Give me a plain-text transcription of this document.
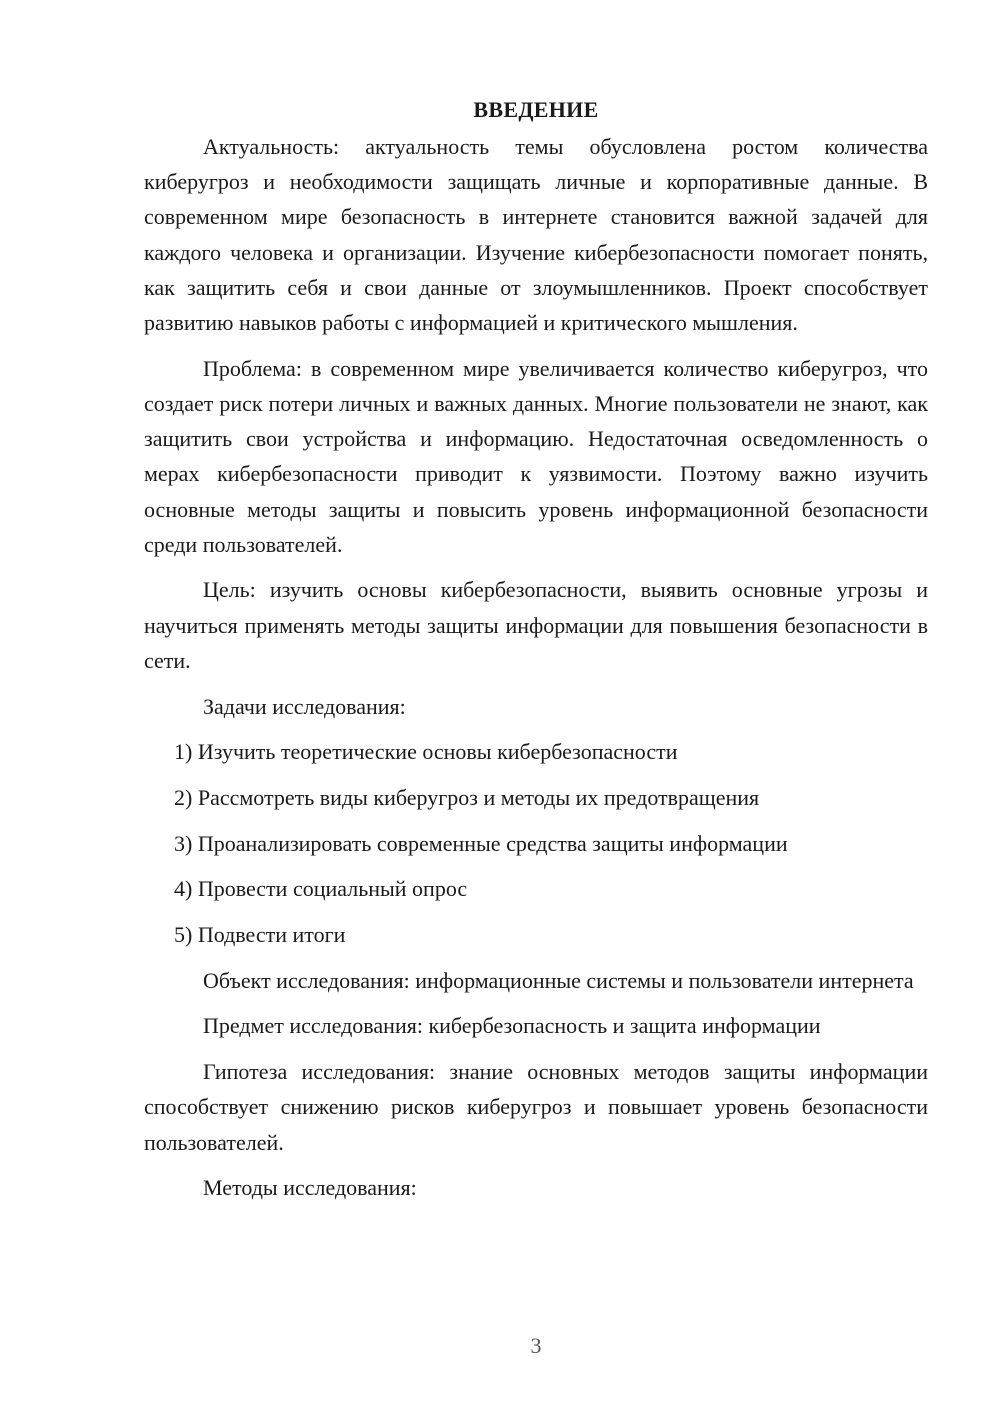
ВВЕДЕНИЕ

Актуальность: актуальность темы обусловлена ростом количества киберугроз и необходимости защищать личные и корпоративные данные. В современном мире безопасность в интернете становится важной задачей для каждого человека и организации. Изучение кибербезопасности помогает понять, как защитить себя и свои данные от злоумышленников. Проект способствует развитию навыков работы с информацией и критического мышления.

Проблема: в современном мире увеличивается количество киберугроз, что создает риск потери личных и важных данных. Многие пользователи не знают, как защитить свои устройства и информацию. Недостаточная осведомленность о мерах кибербезопасности приводит к уязвимости. Поэтому важно изучить основные методы защиты и повысить уровень информационной безопасности среди пользователей.

Цель: изучить основы кибербезопасности, выявить основные угрозы и научиться применять методы защиты информации для повышения безопасности в сети.

Задачи исследования:

1) Изучить теоретические основы кибербезопасности

2) Рассмотреть виды киберугроз и методы их предотвращения

3) Проанализировать современные средства защиты информации

4) Провести социальный опрос

5) Подвести итоги

Объект исследования: информационные системы и пользователи интернета

Предмет исследования: кибербезопасность и защита информации

Гипотеза исследования: знание основных методов защиты информации способствует снижению рисков киберугроз и повышает уровень безопасности пользователей.

Методы исследования:

3
